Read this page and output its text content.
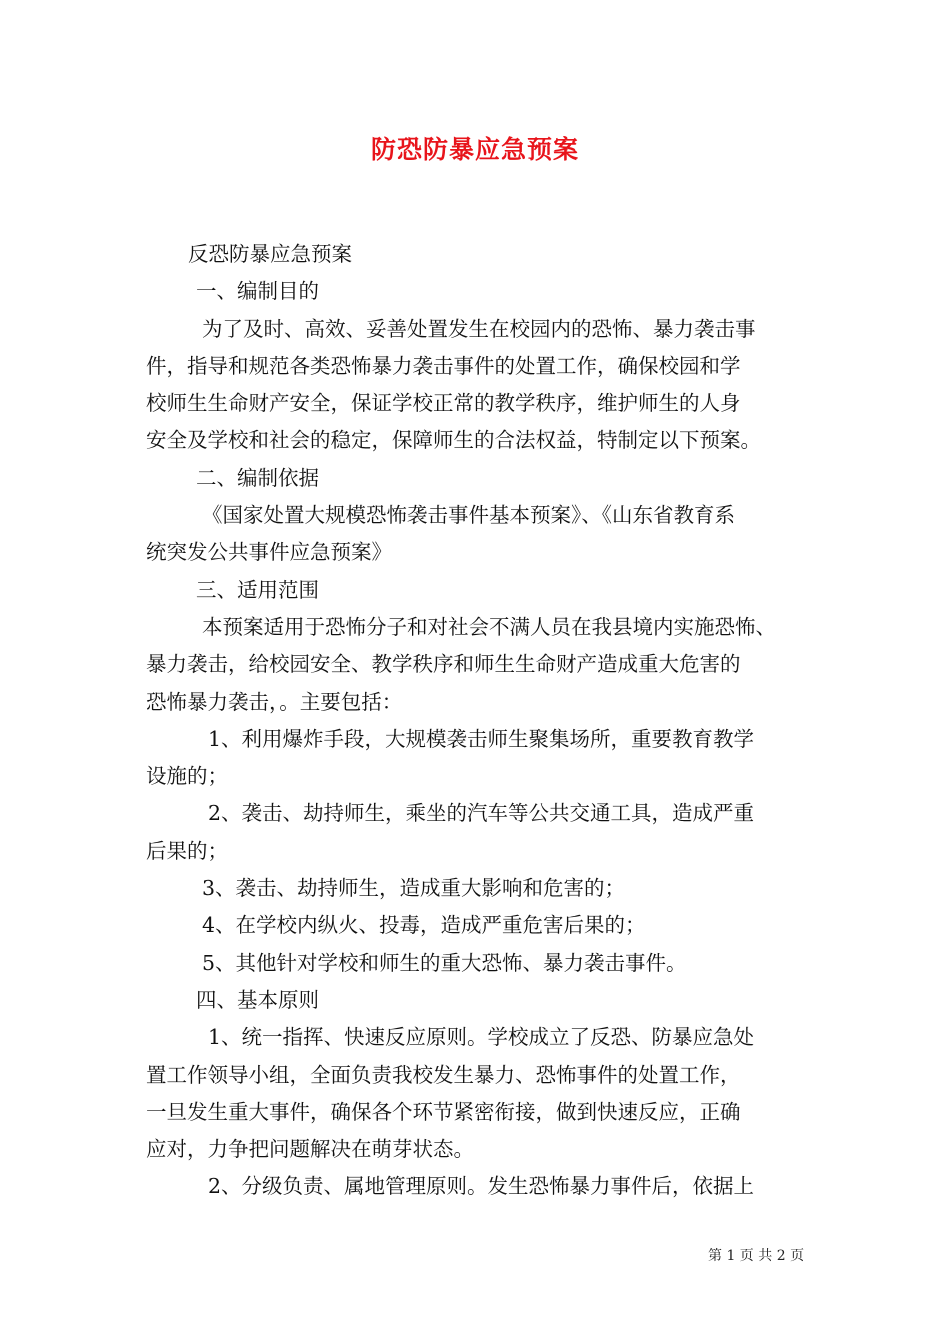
防恐防暴应急预案
反恐防暴应急预案
一、编制目的
为了及时、高效、妥善处置发生在校园内的恐怖、暴力袭击事
件，指导和规范各类恐怖暴力袭击事件的处置工作，确保校园和学
校师生生命财产安全，保证学校正常的教学秩序，维护师生的人身
安全及学校和社会的稳定，保障师生的合法权益，特制定以下预案。
二、编制依据
《国家处置大规模恐怖袭击事件基本预案》、《山东省教育系
统突发公共事件应急预案》
三、适用范围
本预案适用于恐怖分子和对社会不满人员在我县境内实施恐怖、
暴力袭击，给校园安全、教学秩序和师生生命财产造成重大危害的
恐怖暴力袭击，。主要包括：
1、利用爆炸手段，大规模袭击师生聚集场所，重要教育教学
设施的；
2、袭击、劫持师生，乘坐的汽车等公共交通工具，造成严重
后果的；
3、袭击、劫持师生，造成重大影响和危害的；
4、在学校内纵火、投毒，造成严重危害后果的；
5、其他针对学校和师生的重大恐怖、暴力袭击事件。
四、基本原则
1、统一指挥、快速反应原则。学校成立了反恐、防暴应急处
置工作领导小组，全面负责我校发生暴力、恐怖事件的处置工作，
一旦发生重大事件，确保各个环节紧密衔接，做到快速反应，正确
应对，力争把问题解决在萌芽状态。
2、分级负责、属地管理原则。发生恐怖暴力事件后，依据上
第 1 页 共 2 页
